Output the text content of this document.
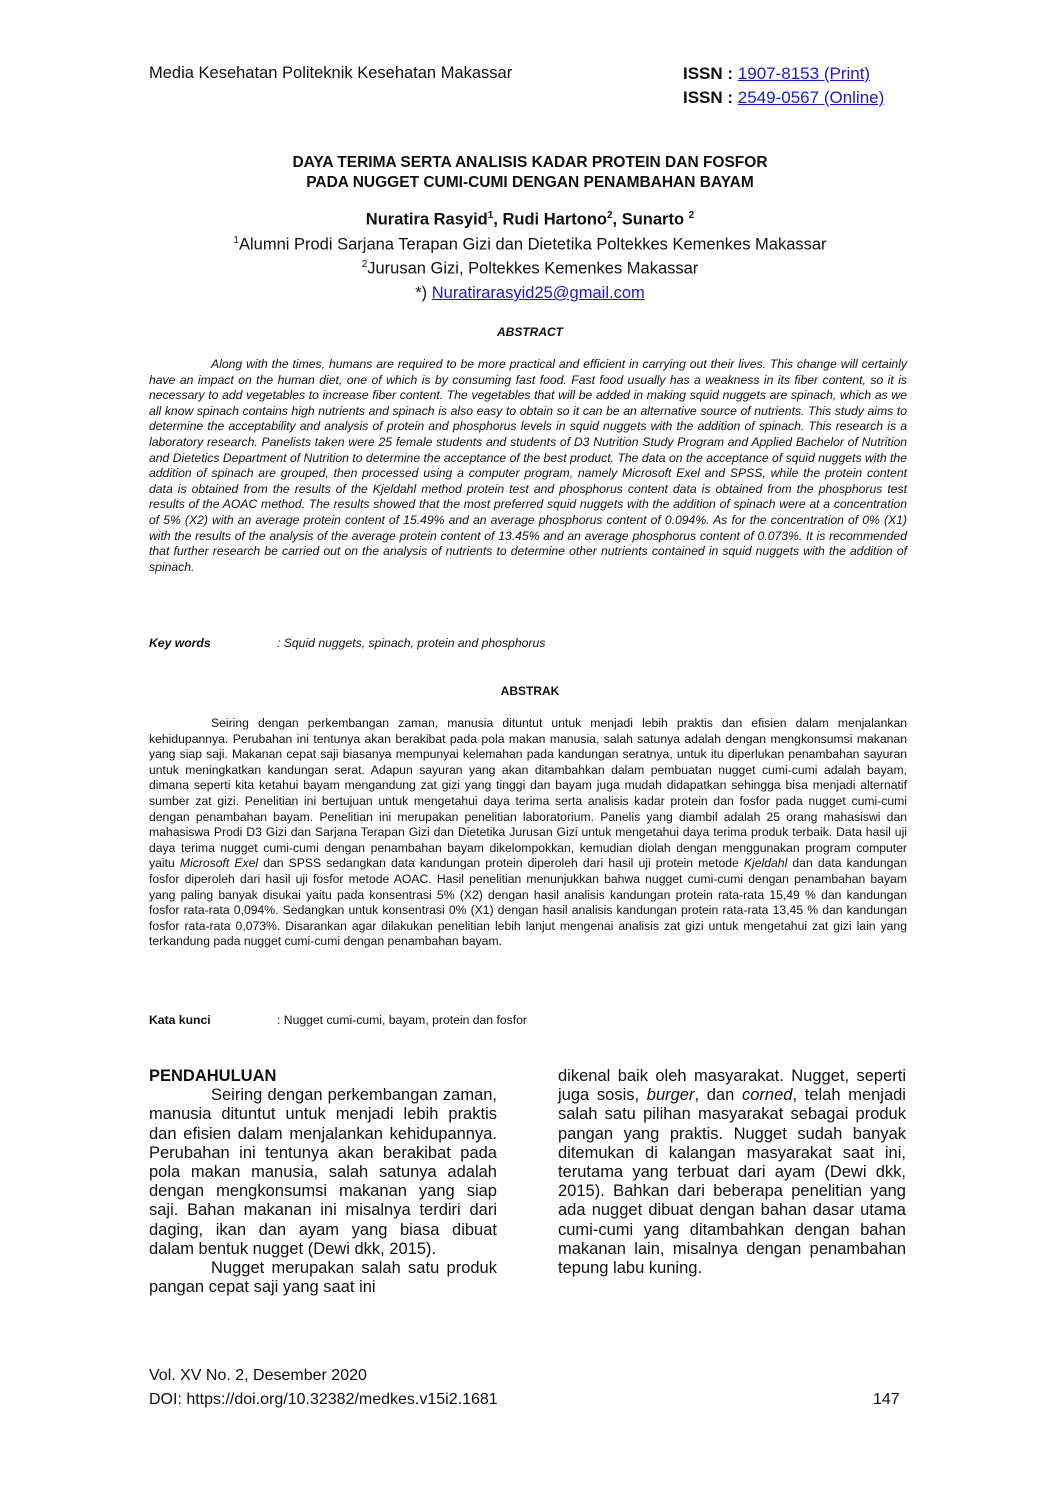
Media Kesehatan Politeknik Kesehatan Makassar	ISSN : 1907-8153 (Print)
ISSN : 2549-0567 (Online)
DAYA TERIMA SERTA ANALISIS KADAR PROTEIN DAN FOSFOR
PADA NUGGET CUMI-CUMI DENGAN PENAMBAHAN BAYAM
Nuratira Rasyid$^1$, Rudi Hartono$^2$, Sunarto $^2$
$^1$Alumni Prodi Sarjana Terapan Gizi dan Dietetika Poltekkes Kemenkes Makassar
$^2$Jurusan Gizi, Poltekkes Kemenkes Makassar
*) Nuratirarasyid25@gmail.com
ABSTRACT

Along with the times, humans are required to be more practical and efficient in carrying out their lives. This change will certainly have an impact on the human diet, one of which is by consuming fast food. Fast food usually has a weakness in its fiber content, so it is necessary to add vegetables to increase fiber content. The vegetables that will be added in making squid nuggets are spinach, which as we all know spinach contains high nutrients and spinach is also easy to obtain so it can be an alternative source of nutrients. This study aims to determine the acceptability and analysis of protein and phosphorus levels in squid nuggets with the addition of spinach. This research is a laboratory research. Panelists taken were 25 female students and students of D3 Nutrition Study Program and Applied Bachelor of Nutrition and Dietetics Department of Nutrition to determine the acceptance of the best product. The data on the acceptance of squid nuggets with the addition of spinach are grouped, then processed using a computer program, namely Microsoft Exel and SPSS, while the protein content data is obtained from the results of the Kjeldahl method protein test and phosphorus content data is obtained from the phosphorus test results of the AOAC method. The results showed that the most preferred squid nuggets with the addition of spinach were at a concentration of 5% (X2) with an average protein content of 15.49% and an average phosphorus content of 0.094%. As for the concentration of 0% (X1) with the results of the analysis of the average protein content of 13.45% and an average phosphorus content of 0.073%. It is recommended that further research be carried out on the analysis of nutrients to determine other nutrients contained in squid nuggets with the addition of spinach.

Key words	: Squid nuggets, spinach, protein and phosphorus
ABSTRAK

Seiring dengan perkembangan zaman, manusia dituntut untuk menjadi lebih praktis dan efisien dalam menjalankan kehidupannya. Perubahan ini tentunya akan berakibat pada pola makan manusia, salah satunya adalah dengan mengkonsumsi makanan yang siap saji. Makanan cepat saji biasanya mempunyai kelemahan pada kandungan seratnya, untuk itu diperlukan penambahan sayuran untuk meningkatkan kandungan serat. Adapun sayuran yang akan ditambahkan dalam pembuatan nugget cumi-cumi adalah bayam, dimana seperti kita ketahui bayam mengandung zat gizi yang tinggi dan bayam juga mudah didapatkan sehingga bisa menjadi alternatif sumber zat gizi. Penelitian ini bertujuan untuk mengetahui daya terima serta analisis kadar protein dan fosfor pada nugget cumi-cumi dengan penambahan bayam. Penelitian ini merupakan penelitian laboratorium. Panelis yang diambil adalah 25 orang mahasiswi dan mahasiswa Prodi D3 Gizi dan Sarjana Terapan Gizi dan Dietetika Jurusan Gizi untuk mengetahui daya terima produk terbaik. Data hasil uji daya terima nugget cumi-cumi dengan penambahan bayam dikelompokkan, kemudian diolah dengan menggunakan program computer yaitu Microsoft Exel dan SPSS sedangkan data kandungan protein diperoleh dari hasil uji protein metode Kjeldahl dan data kandungan fosfor diperoleh dari hasil uji fosfor metode AOAC. Hasil penelitian menunjukkan bahwa nugget cumi-cumi dengan penambahan bayam yang paling banyak disukai yaitu pada konsentrasi 5% (X2) dengan hasil analisis kandungan protein rata-rata 15,49 % dan kandungan fosfor rata-rata 0,094%. Sedangkan untuk konsentrasi 0% (X1) dengan hasil analisis kandungan protein rata-rata 13,45 % dan kandungan fosfor rata-rata 0,073%. Disarankan agar dilakukan penelitian lebih lanjut mengenai analisis zat gizi untuk mengetahui zat gizi lain yang terkandung pada nugget cumi-cumi dengan penambahan bayam.

Kata kunci	: Nugget cumi-cumi, bayam, protein dan fosfor
PENDAHULUAN

Seiring dengan perkembangan zaman, manusia dituntut untuk menjadi lebih praktis dan efisien dalam menjalankan kehidupannya. Perubahan ini tentunya akan berakibat pada pola makan manusia, salah satunya adalah dengan mengkonsumsi makanan yang siap saji. Bahan makanan ini misalnya terdiri dari daging, ikan dan ayam yang biasa dibuat dalam bentuk nugget (Dewi dkk, 2015).

Nugget merupakan salah satu produk pangan cepat saji yang saat ini

dikenal baik oleh masyarakat. Nugget, seperti juga sosis, burger, dan corned, telah menjadi salah satu pilihan masyarakat sebagai produk pangan yang praktis. Nugget sudah banyak ditemukan di kalangan masyarakat saat ini, terutama yang terbuat dari ayam (Dewi dkk, 2015). Bahkan dari beberapa penelitian yang ada nugget dibuat dengan bahan dasar utama cumi-cumi yang ditambahkan dengan bahan makanan lain, misalnya dengan penambahan tepung labu kuning.

Vol. XV No. 2, Desember 2020
DOI: https://doi.org/10.32382/medkes.v15i2.1681	147
